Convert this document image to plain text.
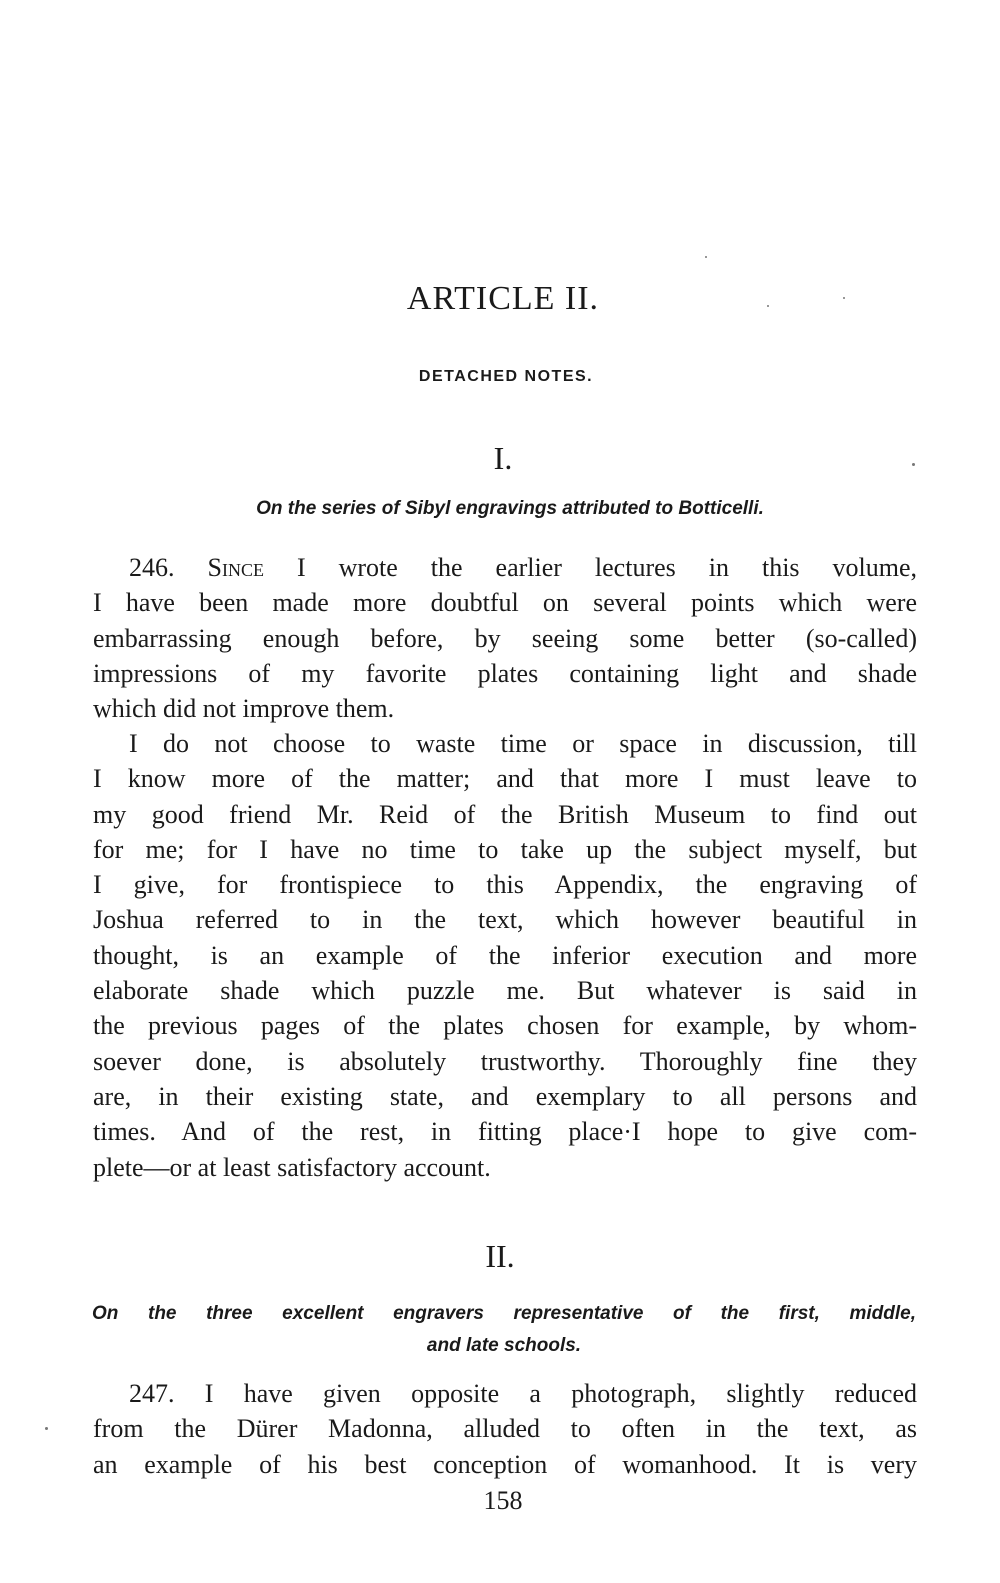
ARTICLE II.
DETACHED NOTES.
I.
On the series of Sibyl engravings attributed to Botticelli.
246. Since I wrote the earlier lectures in this volume,
I have been made more doubtful on several points which were
embarrassing enough before, by seeing some better (so-called)
impressions of my favorite plates containing light and shade
which did not improve them.
I do not choose to waste time or space in discussion, till
I know more of the matter; and that more I must leave to
my good friend Mr. Reid of the British Museum to find out
for me; for I have no time to take up the subject myself, but
I give, for frontispiece to this Appendix, the engraving of
Joshua referred to in the text, which however beautiful in
thought, is an example of the inferior execution and more
elaborate shade which puzzle me. But whatever is said in
the previous pages of the plates chosen for example, by whom-
soever done, is absolutely trustworthy. Thoroughly fine they
are, in their existing state, and exemplary to all persons and
times. And of the rest, in fitting place·I hope to give com-
plete—or at least satisfactory account.
II.
On the three excellent engravers representative of the first, middle,
and late schools.
247. I have given opposite a photograph, slightly reduced
from the Dürer Madonna, alluded to often in the text, as
an example of his best conception of womanhood. It is very
158
